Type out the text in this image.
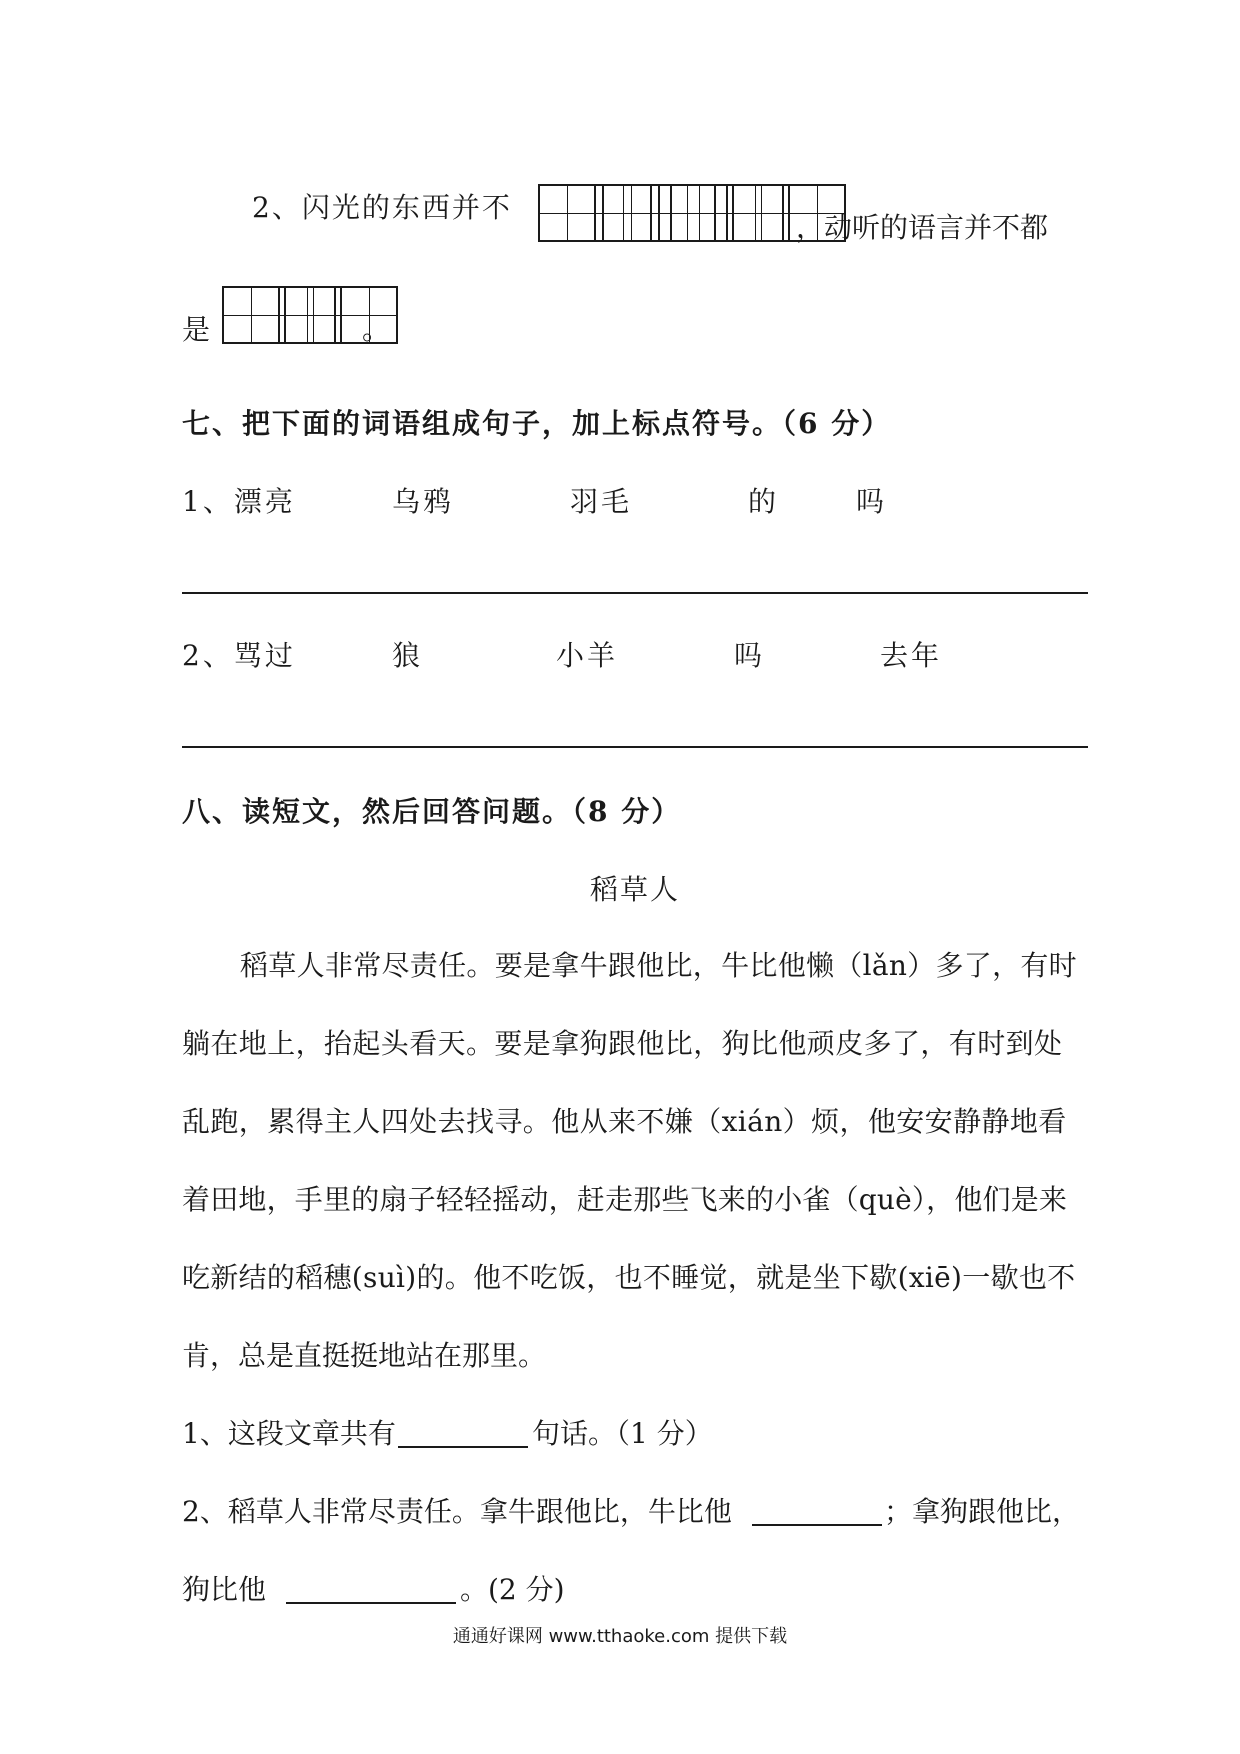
2、闪光的东西并不
，动听的语言并不都
是	。
七、把下面的词语组成句子，加上标点符号。（6 分）
1、漂亮	乌鸦	羽毛	的	吗
2、骂过	狼	小羊	吗	去年
八、读短文，然后回答问题。（8 分）
稻草人
稻草人非常尽责任。要是拿牛跟他比，牛比他懒（lǎn）多了，有时
躺在地上，抬起头看天。要是拿狗跟他比，狗比他顽皮多了，有时到处
乱跑，累得主人四处去找寻。他从来不嫌（xián）烦，他安安静静地看
着田地，手里的扇子轻轻摇动，赶走那些飞来的小雀（què），他们是来
吃新结的稻穗(suì)的。他不吃饭，也不睡觉，就是坐下歇(xiē)一歇也不
肯，总是直挺挺地站在那里。
1、这段文章共有	句话。（1 分）
2、稻草人非常尽责任。拿牛跟他比，牛比他	；拿狗跟他比，
狗比他	。(2 分)
通通好课网 www.tthaoke.com 提供下载
